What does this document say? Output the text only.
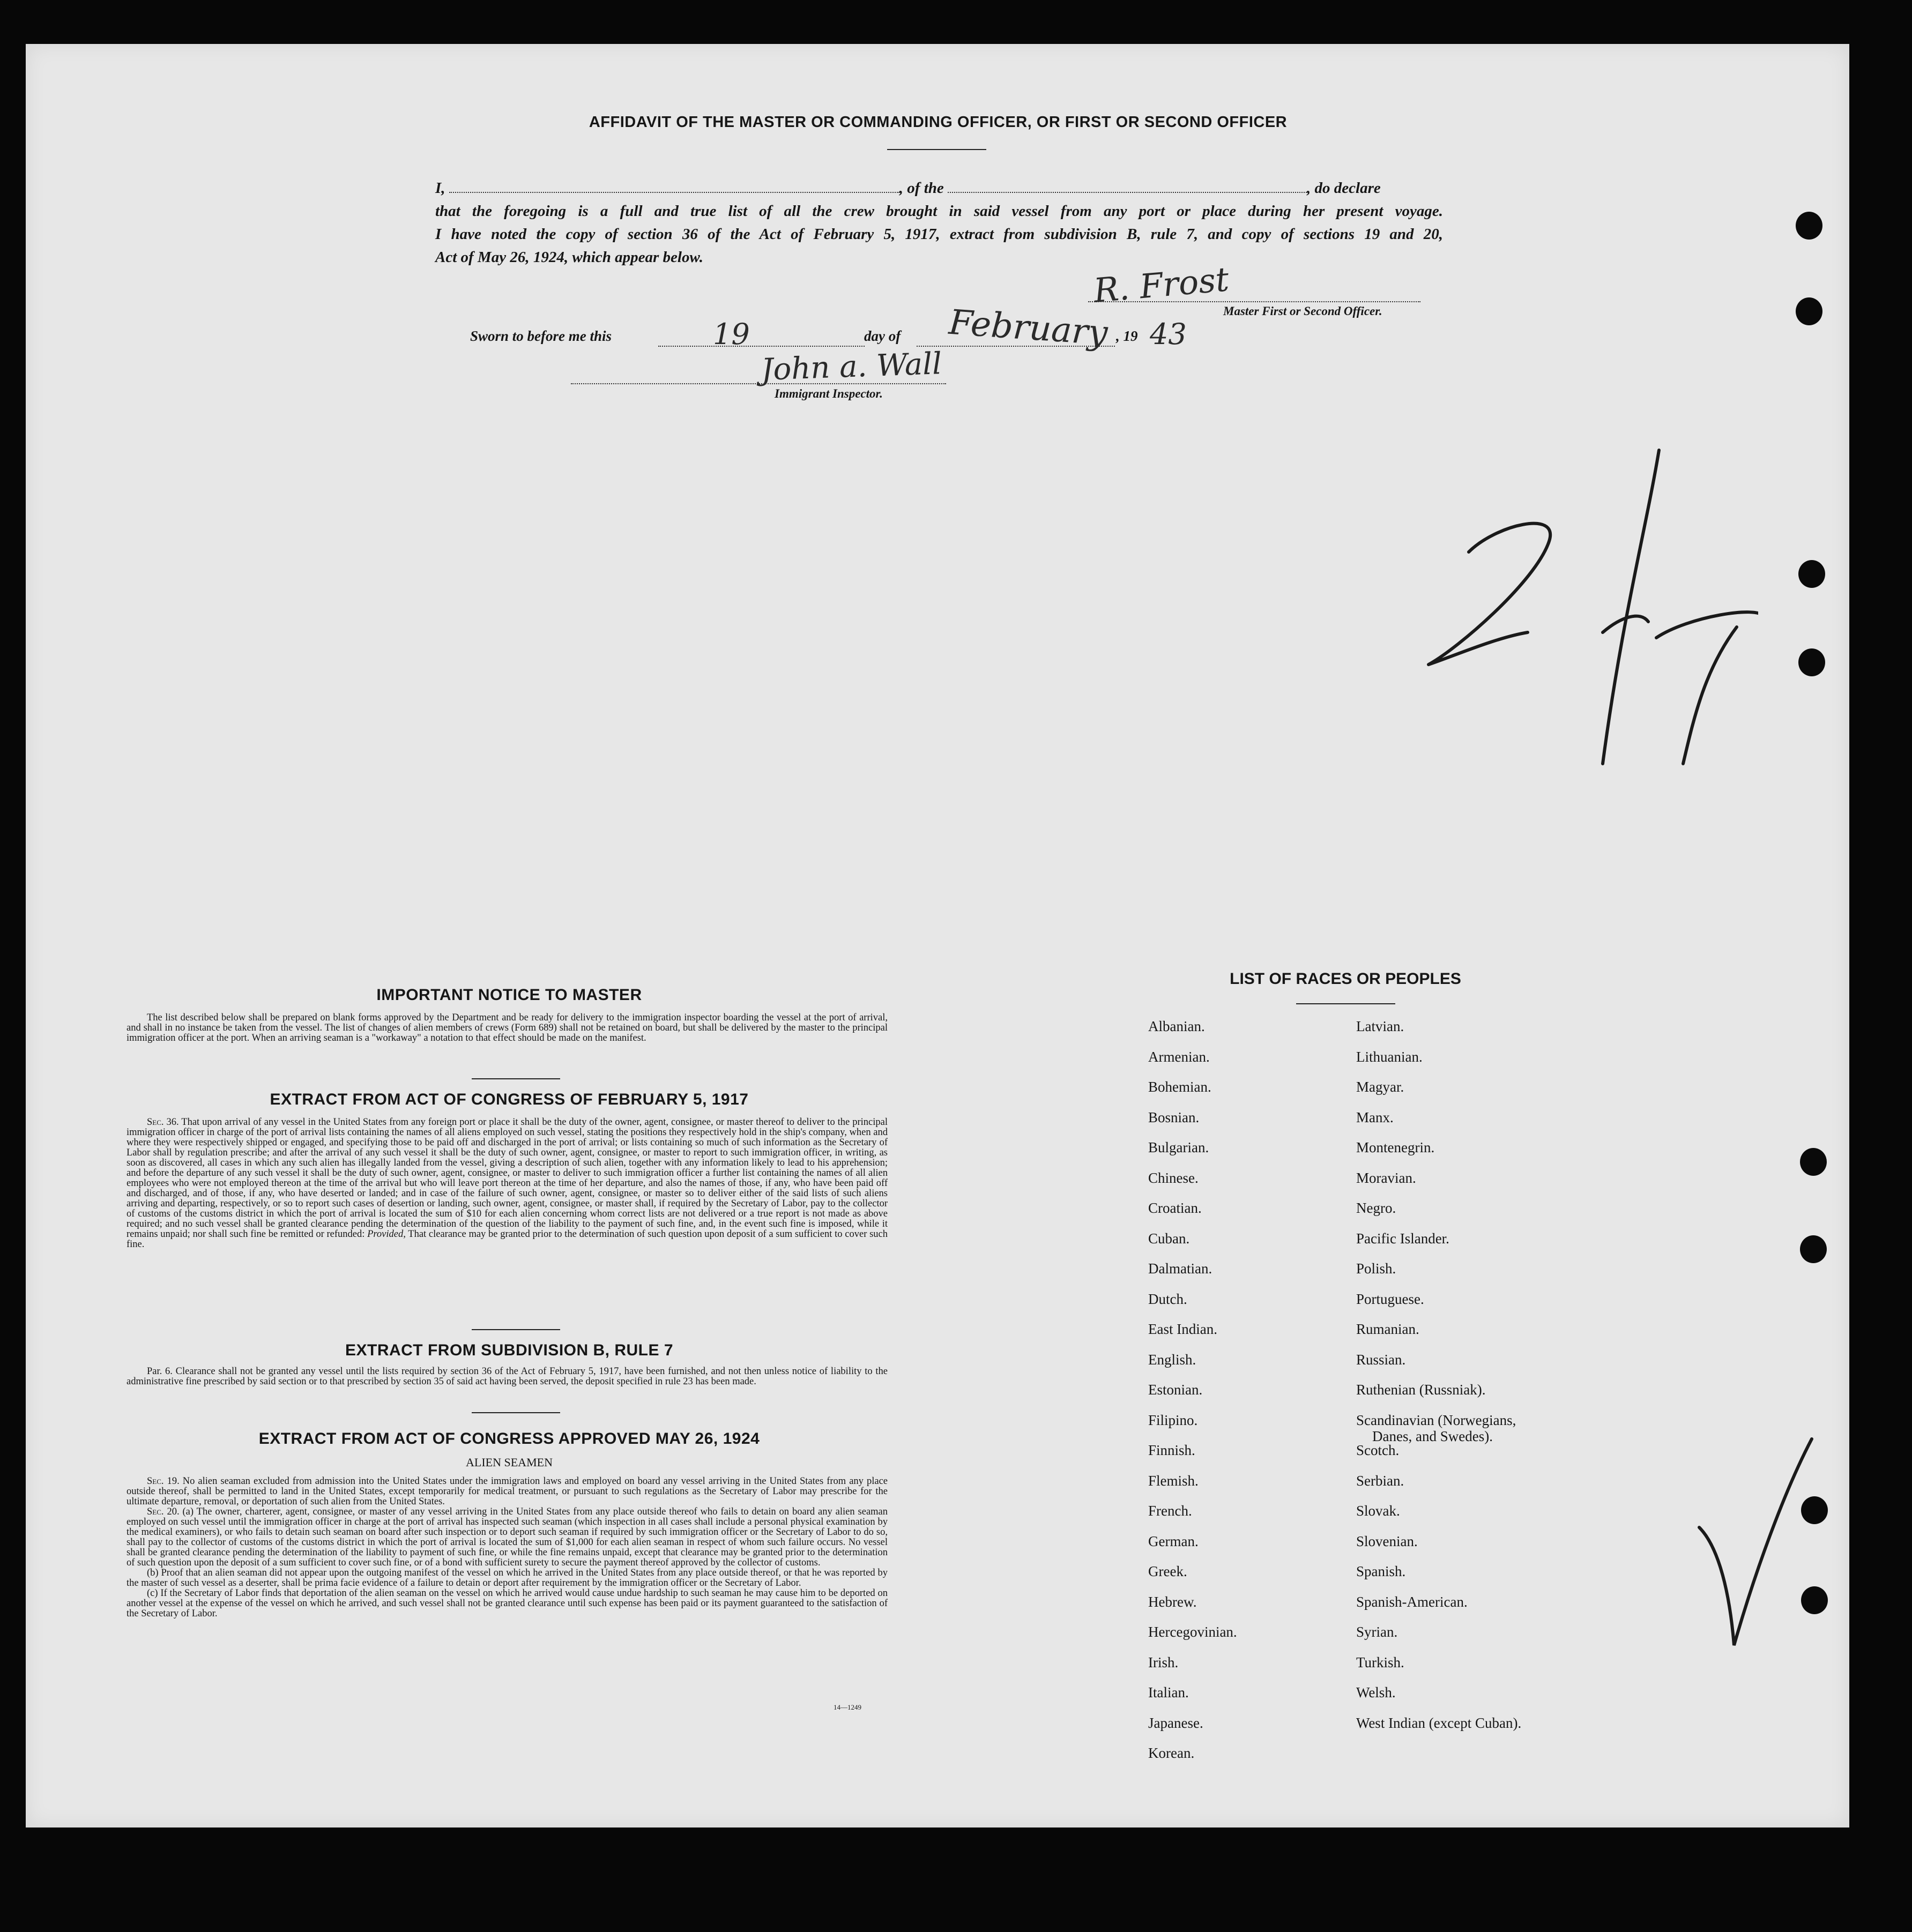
AFFIDAVIT OF THE MASTER OR COMMANDING OFFICER, OR FIRST OR SECOND OFFICER

I,	, of the	, do declare

that the foregoing is a full and true list of all the crew brought in said vessel from any port or place during her present voyage.

I have noted the copy of section 36 of the Act of February 5, 1917, extract from subdivision B, rule 7, and copy of sections 19 and 20,

Act of May 26, 1924, which appear below.

R. Frost
Master First or Second Officer.
Sworn to before me this	19	day of February , 19 43
John a. Wall
Immigrant Inspector.
IMPORTANT NOTICE TO MASTER

The list described below shall be prepared on blank forms approved by the Department and be ready for delivery to the immigration inspector boarding the vessel at the port of arrival, and shall in no instance be taken from the vessel. The list of changes of alien members of crews (Form 689) shall not be retained on board, but shall be delivered by the master to the principal immigration officer at the port. When an arriving seaman is a "workaway" a notation to that effect should be made on the manifest.

EXTRACT FROM ACT OF CONGRESS OF FEBRUARY 5, 1917

Sec. 36. That upon arrival of any vessel in the United States from any foreign port or place it shall be the duty of the owner, agent, consignee, or master thereof to deliver to the principal immigration officer in charge of the port of arrival lists containing the names of all aliens employed on such vessel, stating the positions they respectively hold in the ship's company, when and where they were respectively shipped or engaged, and specifying those to be paid off and discharged in the port of arrival; or lists containing so much of such information as the Secretary of Labor shall by regulation prescribe; and after the arrival of any such vessel it shall be the duty of such owner, agent, consignee, or master to report to such immigration officer, in writing, as soon as discovered, all cases in which any such alien has illegally landed from the vessel, giving a description of such alien, together with any information likely to lead to his apprehension; and before the departure of any such vessel it shall be the duty of such owner, agent, consignee, or master to deliver to such immigration officer a further list containing the names of all alien employees who were not employed thereon at the time of the arrival but who will leave port thereon at the time of her departure, and also the names of those, if any, who have been paid off and discharged, and of those, if any, who have deserted or landed; and in case of the failure of such owner, agent, consignee, or master so to deliver either of the said lists of such aliens arriving and departing, respectively, or so to report such cases of desertion or landing, such owner, agent, consignee, or master shall, if required by the Secretary of Labor, pay to the collector of customs of the customs district in which the port of arrival is located the sum of $10 for each alien concerning whom correct lists are not delivered or a true report is not made as above required; and no such vessel shall be granted clearance pending the determination of the question of the liability to the payment of such fine, and, in the event such fine is imposed, while it remains unpaid; nor shall such fine be remitted or refunded: Provided, That clearance may be granted prior to the determination of such question upon deposit of a sum sufficient to cover such fine.

EXTRACT FROM SUBDIVISION B, RULE 7

Par. 6. Clearance shall not be granted any vessel until the lists required by section 36 of the Act of February 5, 1917, have been furnished, and not then unless notice of liability to the administrative fine prescribed by said section or to that prescribed by section 35 of said act having been served, the deposit specified in rule 23 has been made.

EXTRACT FROM ACT OF CONGRESS APPROVED MAY 26, 1924
ALIEN SEAMEN

Sec. 19. No alien seaman excluded from admission into the United States under the immigration laws and employed on board any vessel arriving in the United States from any place outside thereof, shall be permitted to land in the United States, except temporarily for medical treatment, or pursuant to such regulations as the Secretary of Labor may prescribe for the ultimate departure, removal, or deportation of such alien from the United States.

Sec. 20. (a) The owner, charterer, agent, consignee, or master of any vessel arriving in the United States from any place outside thereof who fails to detain on board any alien seaman employed on such vessel until the immigration officer in charge at the port of arrival has inspected such seaman (which inspection in all cases shall include a personal physical examination by the medical examiners), or who fails to detain such seaman on board after such inspection or to deport such seaman if required by such immigration officer or the Secretary of Labor to do so, shall pay to the collector of customs of the customs district in which the port of arrival is located the sum of $1,000 for each alien seaman in respect of whom such failure occurs. No vessel shall be granted clearance pending the determination of the liability to payment of such fine, or while the fine remains unpaid, except that clearance may be granted prior to the determination of such question upon the deposit of a sum sufficient to cover such fine, or of a bond with sufficient surety to secure the payment thereof approved by the collector of customs.

(b) Proof that an alien seaman did not appear upon the outgoing manifest of the vessel on which he arrived in the United States from any place outside thereof, or that he was reported by the master of such vessel as a deserter, shall be prima facie evidence of a failure to detain or deport after requirement by the immigration officer or the Secretary of Labor.

(c) If the Secretary of Labor finds that deportation of the alien seaman on the vessel on which he arrived would cause undue hardship to such seaman he may cause him to be deported on another vessel at the expense of the vessel on which he arrived, and such vessel shall not be granted clearance until such expense has been paid or its payment guaranteed to the satisfaction of the Secretary of Labor.

14—1249
LIST OF RACES OR PEOPLES
Albanian.
Armenian.
Bohemian.
Bosnian.
Bulgarian.
Chinese.
Croatian.
Cuban.
Dalmatian.
Dutch.
East Indian.
English.
Estonian.
Filipino.
Finnish.
Flemish.
French.
German.
Greek.
Hebrew.
Hercegovinian.
Irish.
Italian.
Japanese.
Korean.
Latvian.
Lithuanian.
Magyar.
Manx.
Montenegrin.
Moravian.
Negro.
Pacific Islander.
Polish.
Portuguese.
Rumanian.
Russian.
Ruthenian (Russniak).
Scandinavian (Norwegians,
Danes, and Swedes).
Scotch.
Serbian.
Slovak.
Slovenian.
Spanish.
Spanish-American.
Syrian.
Turkish.
Welsh.
West Indian (except Cuban).
